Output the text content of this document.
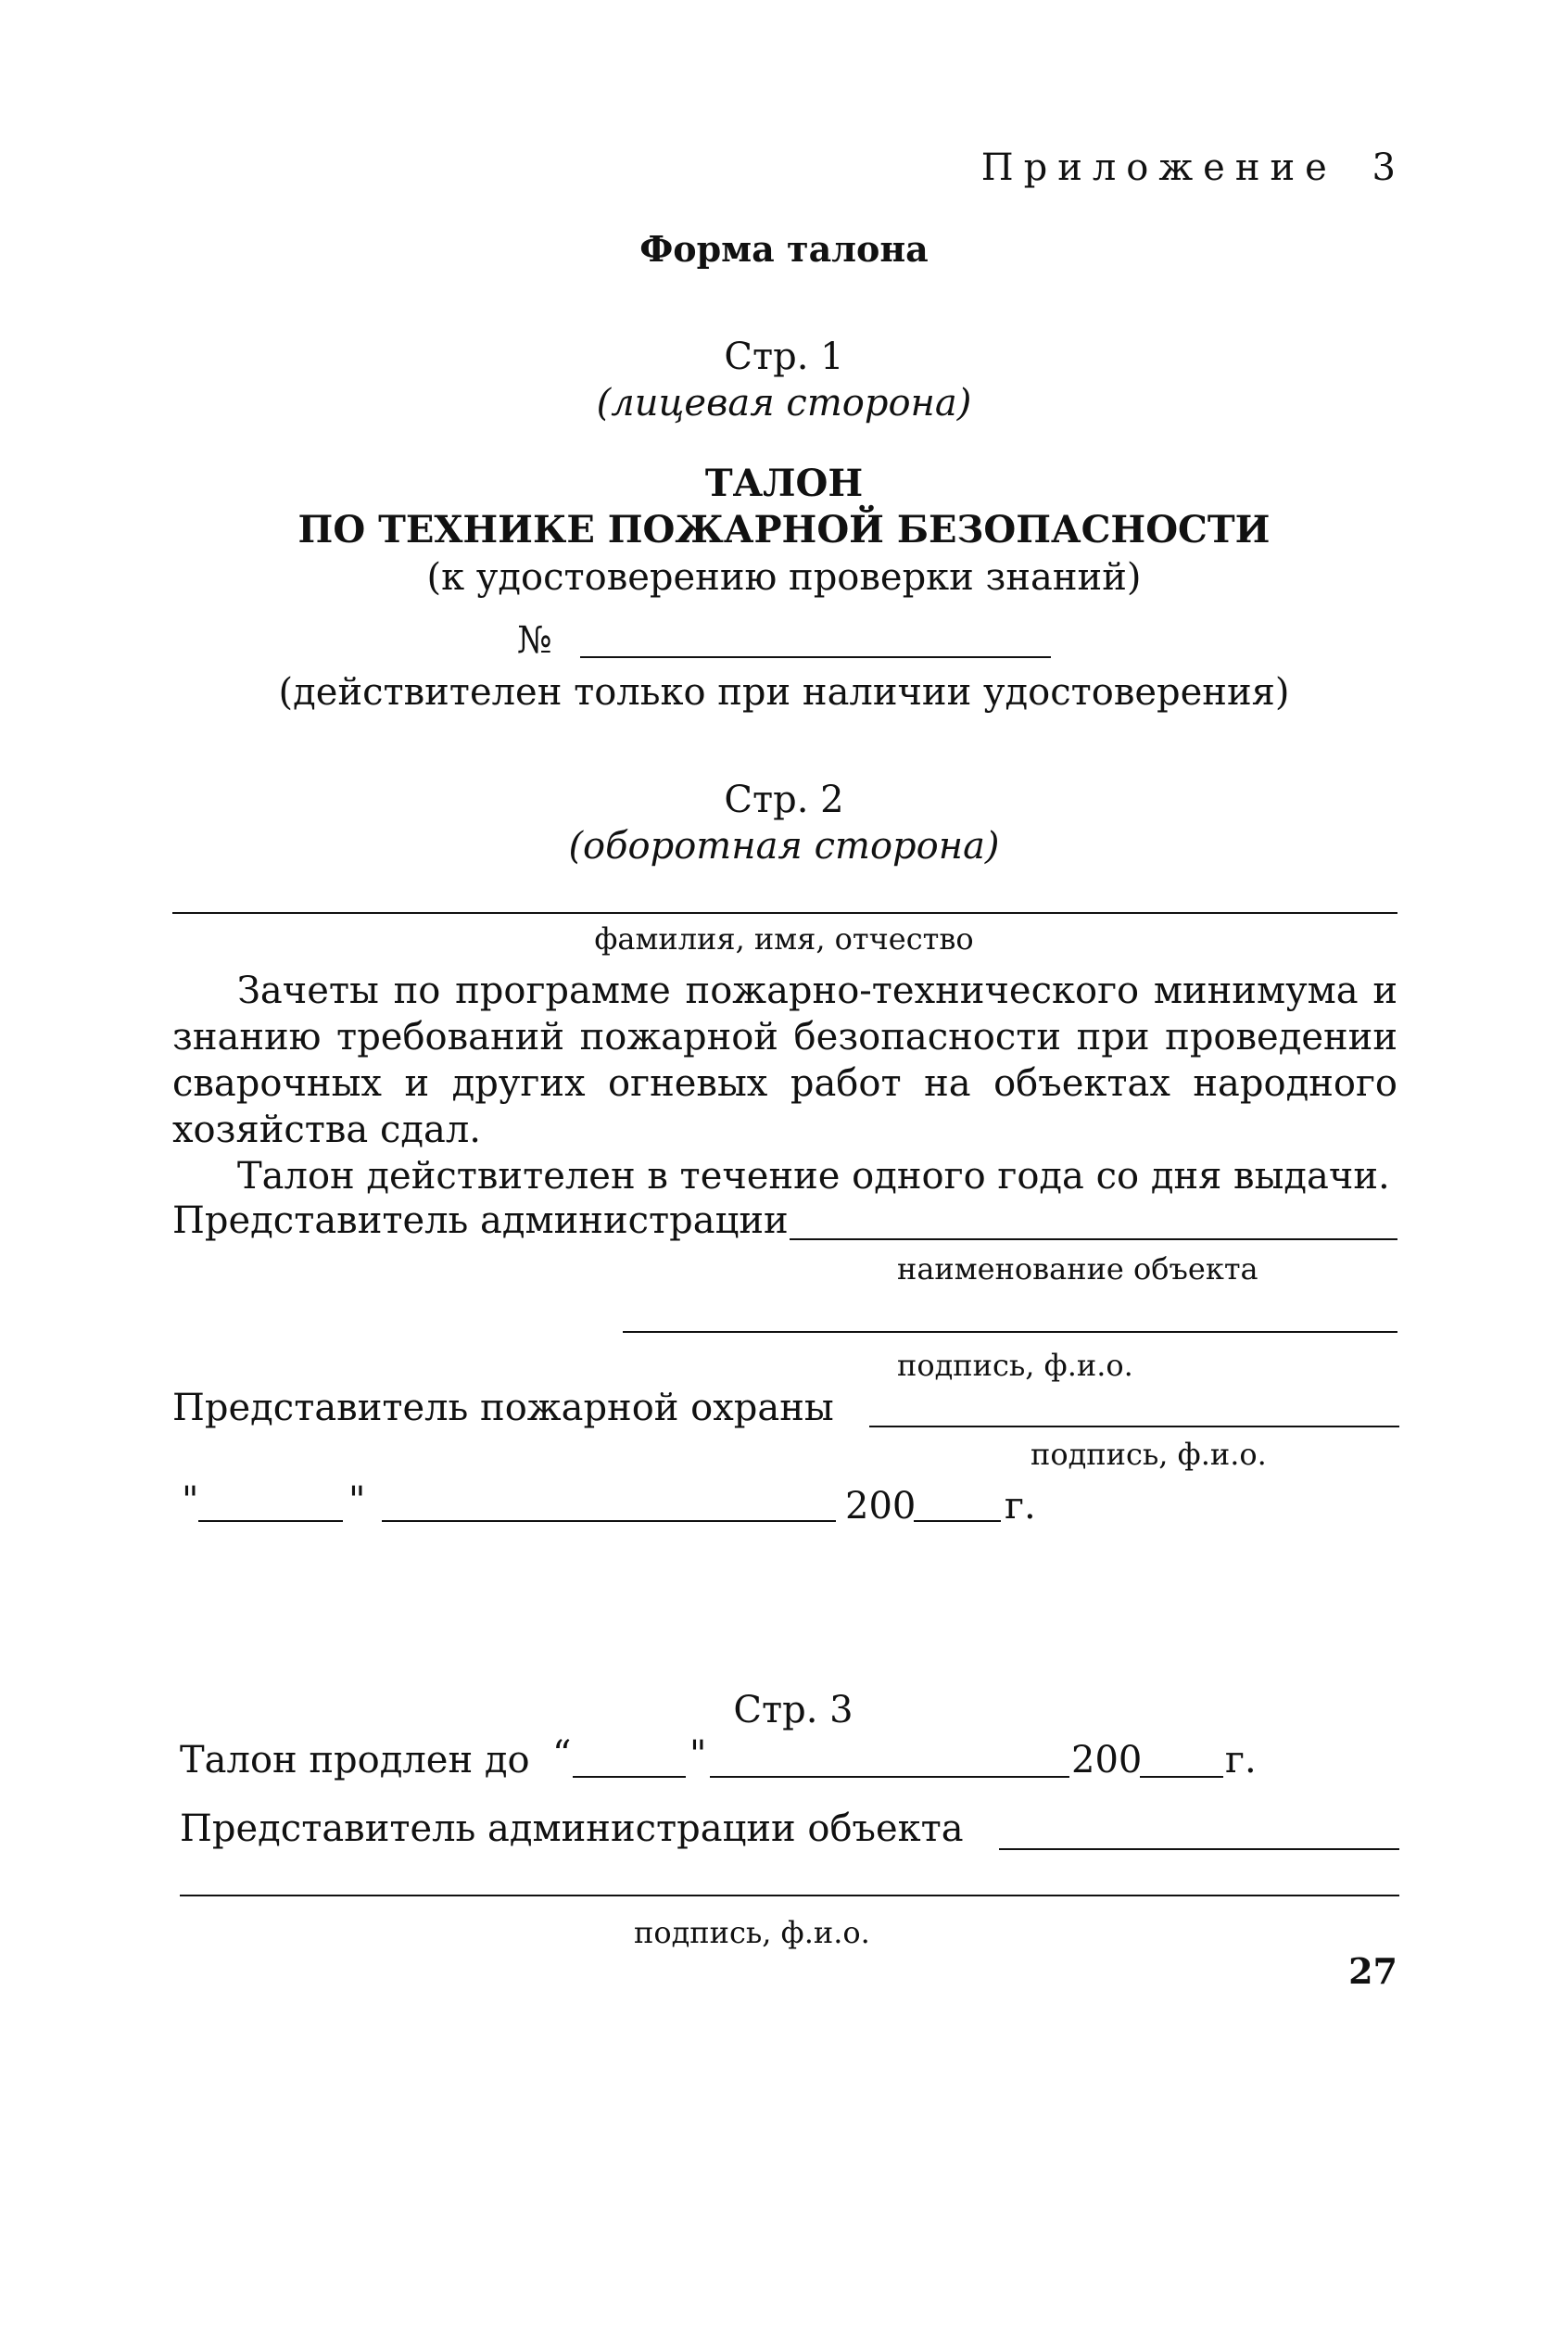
Приложение 3
Форма талона
Стр. 1
(лицевая сторона)
ТАЛОН
ПО ТЕХНИКЕ ПОЖАРНОЙ БЕЗОПАСНОСТИ
(к удостоверению проверки знаний)
№
(действителен только при наличии удостоверения)
Стр. 2
(оборотная сторона)
фамилия, имя, отчество
Зачеты по программе пожарно-технического минимума и знанию требований пожарной безопасности при проведении сварочных и других огневых работ на объектах народного хозяйства сдал.
Талон действителен в течение одного года со дня выдачи.
Представитель администрации
наименование объекта
подпись, ф.и.о.
Представитель пожарной охраны
подпись, ф.и.о.
"	"	200 г.
Стр. 3
Талон продлен до “	"	200 г.
Представитель администрации объекта
подпись, ф.и.о.
27
